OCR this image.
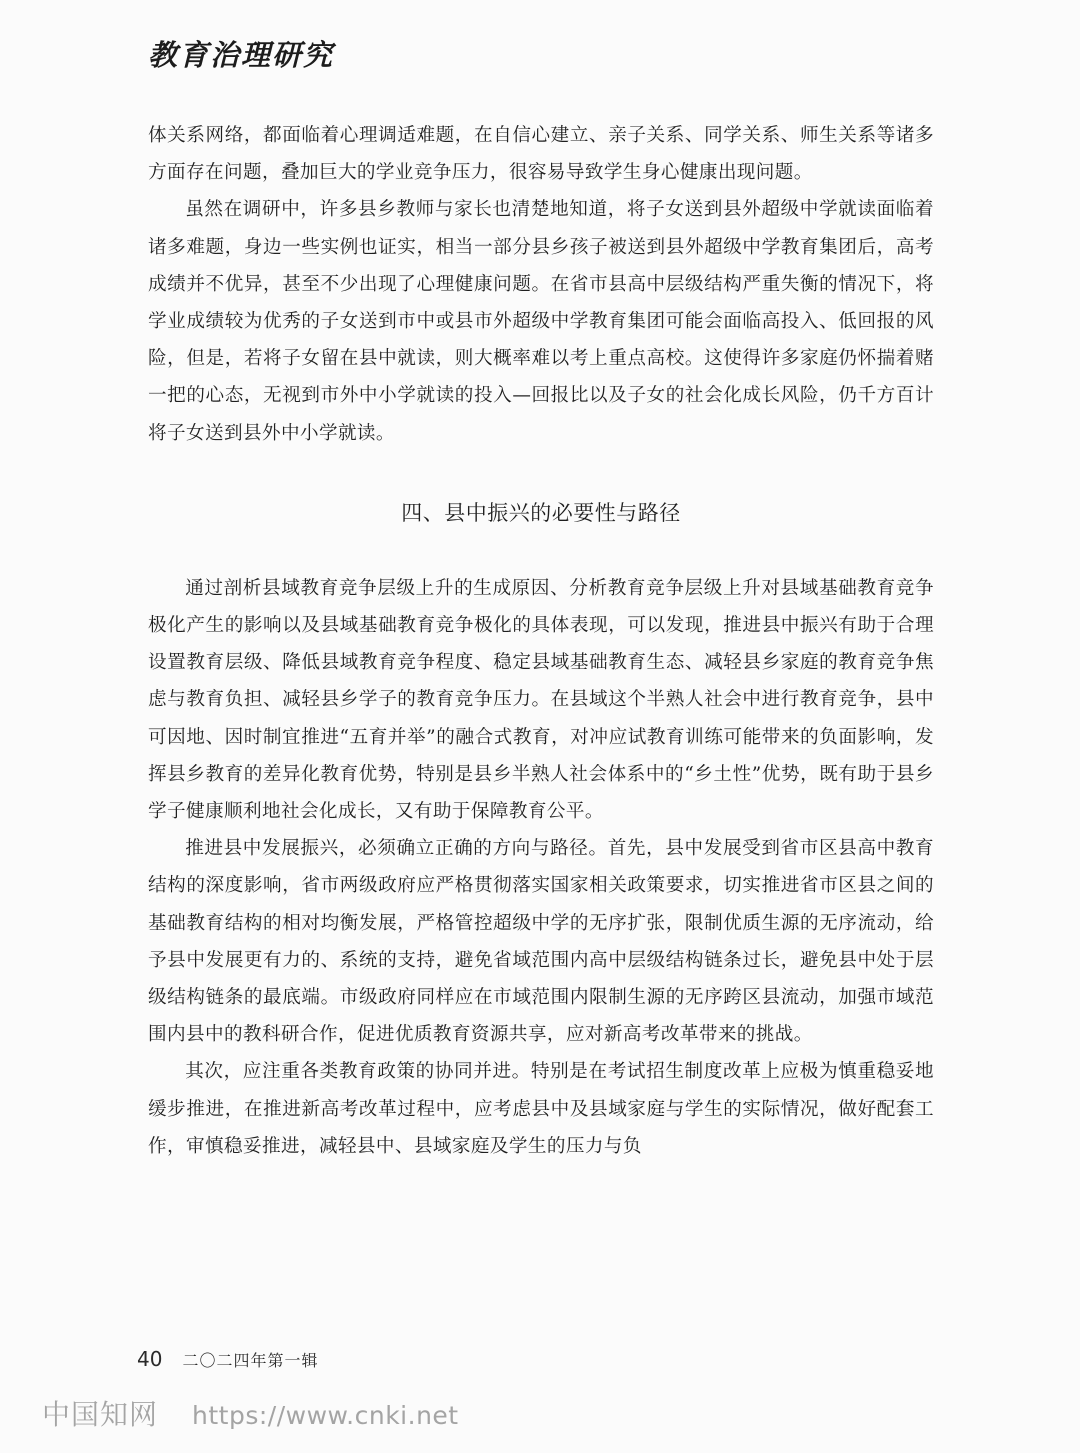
教育治理研究

体关系网络，都面临着心理调适难题，在自信心建立、亲子关系、同学关系、师生关系等诸多方面存在问题，叠加巨大的学业竞争压力，很容易导致学生身心健康出现问题。

虽然在调研中，许多县乡教师与家长也清楚地知道，将子女送到县外超级中学就读面临着诸多难题，身边一些实例也证实，相当一部分县乡孩子被送到县外超级中学教育集团后，高考成绩并不优异，甚至不少出现了心理健康问题。在省市县高中层级结构严重失衡的情况下，将学业成绩较为优秀的子女送到市中或县市外超级中学教育集团可能会面临高投入、低回报的风险，但是，若将子女留在县中就读，则大概率难以考上重点高校。这使得许多家庭仍怀揣着赌一把的心态，无视到市外中小学就读的投入—回报比以及子女的社会化成长风险，仍千方百计将子女送到县外中小学就读。

四、县中振兴的必要性与路径

通过剖析县域教育竞争层级上升的生成原因、分析教育竞争层级上升对县域基础教育竞争极化产生的影响以及县域基础教育竞争极化的具体表现，可以发现，推进县中振兴有助于合理设置教育层级、降低县域教育竞争程度、稳定县域基础教育生态、减轻县乡家庭的教育竞争焦虑与教育负担、减轻县乡学子的教育竞争压力。在县域这个半熟人社会中进行教育竞争，县中可因地、因时制宜推进“五育并举”的融合式教育，对冲应试教育训练可能带来的负面影响，发挥县乡教育的差异化教育优势，特别是县乡半熟人社会体系中的“乡土性”优势，既有助于县乡学子健康顺利地社会化成长，又有助于保障教育公平。

推进县中发展振兴，必须确立正确的方向与路径。首先，县中发展受到省市区县高中教育结构的深度影响，省市两级政府应严格贯彻落实国家相关政策要求，切实推进省市区县之间的基础教育结构的相对均衡发展，严格管控超级中学的无序扩张，限制优质生源的无序流动，给予县中发展更有力的、系统的支持，避免省域范围内高中层级结构链条过长，避免县中处于层级结构链条的最底端。市级政府同样应在市域范围内限制生源的无序跨区县流动，加强市域范围内县中的教科研合作，促进优质教育资源共享，应对新高考改革带来的挑战。

其次，应注重各类教育政策的协同并进。特别是在考试招生制度改革上应极为慎重稳妥地缓步推进，在推进新高考改革过程中，应考虑县中及县域家庭与学生的实际情况，做好配套工作，审慎稳妥推进，减轻县中、县域家庭及学生的压力与负

40 二〇二四年第一辑
中国知网 https://www.cnki.net
